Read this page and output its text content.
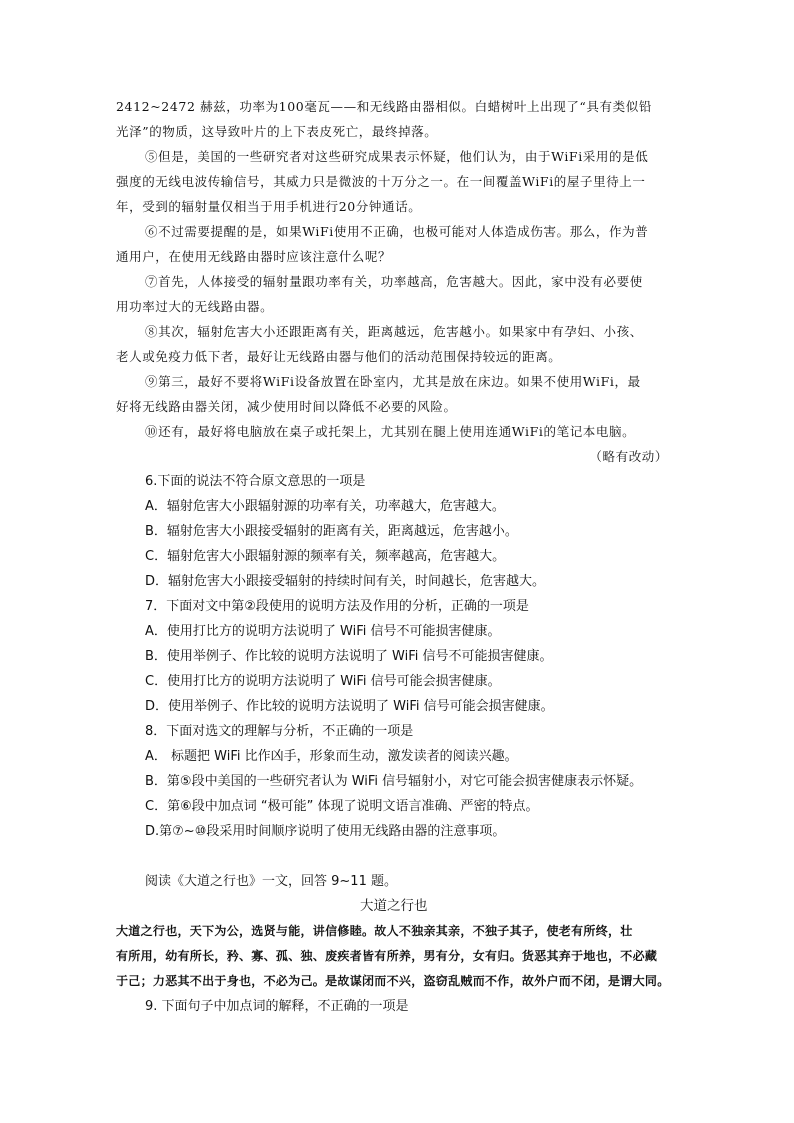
2412~2472 赫兹，功率为100毫瓦——和无线路由器相似。白蜡树叶上出现了“具有类似铅
光泽”的物质，这导致叶片的上下表皮死亡，最终掉落。
⑤但是，美国的一些研究者对这些研究成果表示怀疑，他们认为，由于WiFi采用的是低
强度的无线电波传输信号，其威力只是微波的十万分之一。在一间覆盖WiFi的屋子里待上一
年，受到的辐射量仅相当于用手机进行20分钟通话。
⑥不过需要提醒的是，如果WiFi使用不正确，也极可能对人体造成伤害。那么，作为普
通用户，在使用无线路由器时应该注意什么呢？
⑦首先，人体接受的辐射量跟功率有关，功率越高，危害越大。因此，家中没有必要使
用功率过大的无线路由器。
⑧其次，辐射危害大小还跟距离有关，距离越远，危害越小。如果家中有孕妇、小孩、
老人或免疫力低下者，最好让无线路由器与他们的活动范围保持较远的距离。
⑨第三，最好不要将WiFi设备放置在卧室内，尤其是放在床边。如果不使用WiFi，最
好将无线路由器关闭，减少使用时间以降低不必要的风险。
⑩还有，最好将电脑放在桌子或托架上，尤其别在腿上使用连通WiFi的笔记本电脑。
（略有改动）
6.下面的说法不符合原文意思的一项是
A．辐射危害大小跟辐射源的功率有关，功率越大，危害越大。
B．辐射危害大小跟接受辐射的距离有关，距离越远，危害越小。
C．辐射危害大小跟辐射源的频率有关，频率越高，危害越大。
D．辐射危害大小跟接受辐射的持续时间有关，时间越长，危害越大。
7．下面对文中第②段使用的说明方法及作用的分析，正确的一项是
A．使用打比方的说明方法说明了 WiFi 信号不可能损害健康。
B．使用举例子、作比较的说明方法说明了 WiFi 信号不可能损害健康。
C．使用打比方的说明方法说明了 WiFi 信号可能会损害健康。
D．使用举例子、作比较的说明方法说明了 WiFi 信号可能会损害健康。
8．下面对选文的理解与分析，不正确的一项是
A． 标题把 WiFi 比作凶手，形象而生动，激发读者的阅读兴趣。
B．第⑤段中美国的一些研究者认为 WiFi 信号辐射小，对它可能会损害健康表示怀疑。
C．第⑥段中加点词 “极可能” 体现了说明文语言准确、严密的特点。
D.第⑦~⑩段采用时间顺序说明了使用无线路由器的注意事项。
阅读《大道之行也》一文，回答 9~11 题。
大道之行也
大道之行也，天下为公，选贤与能，讲信修睦。故人不独亲其亲，不独子其子，使老有所终，壮
有所用，幼有所长，矜、寡、孤、独、废疾者皆有所养，男有分，女有归。货恶其弃于地也，不必藏
于己；力恶其不出于身也，不必为己。是故谋闭而不兴，盗窃乱贼而不作，故外户而不闭，是谓大同。
9. 下面句子中加点词的解释，不正确的一项是
